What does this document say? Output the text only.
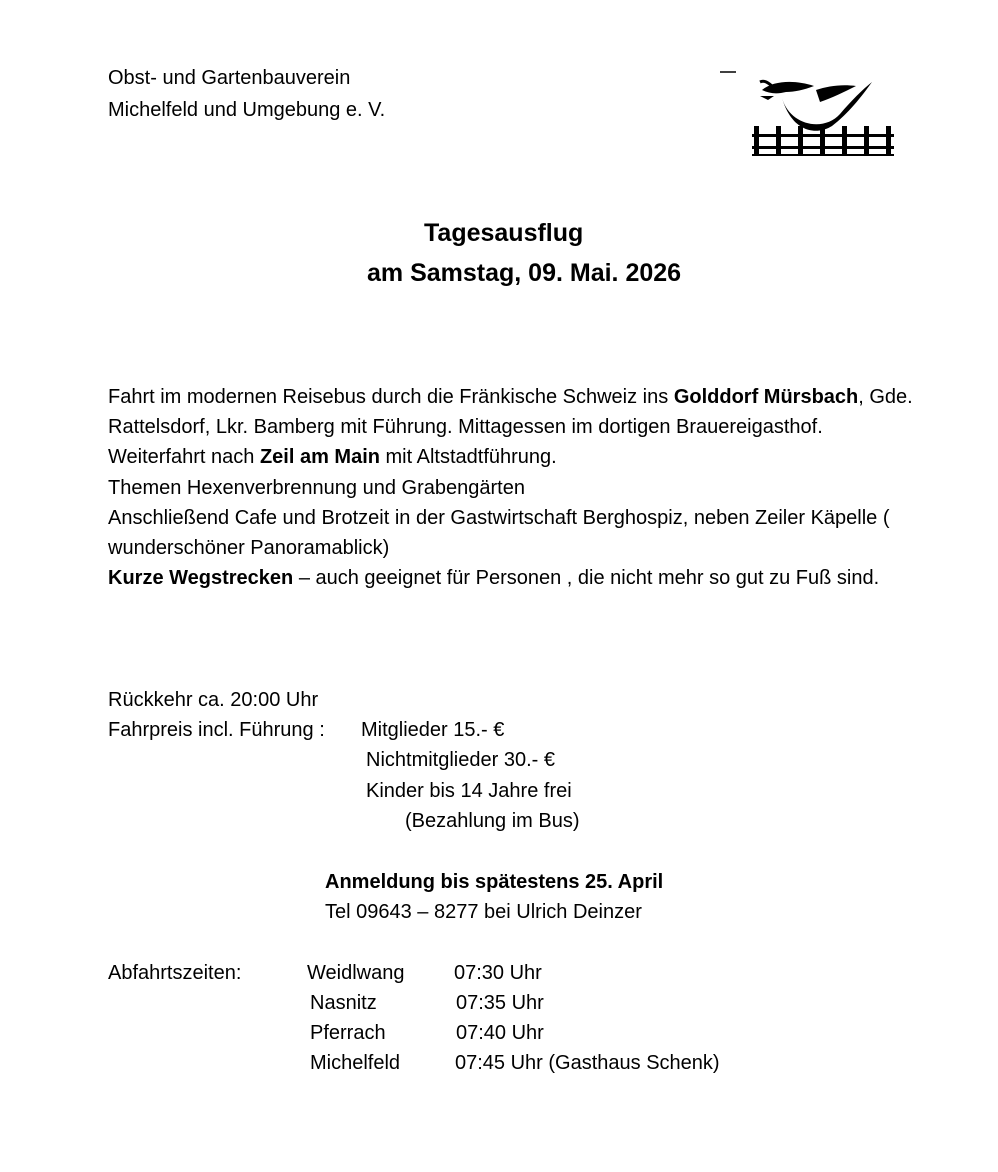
Obst- und Gartenbauverein
Michelfeld und Umgebung e. V.
Tagesausflug
am Samstag, 09. Mai. 2026

Fahrt im modernen Reisebus durch die Fränkische Schweiz ins Golddorf Mürsbach, Gde. Rattelsdorf, Lkr. Bamberg mit Führung. Mittagessen im dortigen Brauereigasthof.

Weiterfahrt nach Zeil am Main mit Altstadtführung.

Themen Hexenverbrennung und Grabengärten

Anschließend Cafe und Brotzeit in der Gastwirtschaft Berghospiz, neben Zeiler Käpelle ( wunderschöner Panoramablick)

Kurze Wegstrecken – auch geeignet für Personen , die nicht mehr so gut zu Fuß sind.

Rückkehr ca. 20:00 Uhr
Fahrpreis incl. Führung : Mitglieder 15.- €
Nichtmitglieder 30.- €
Kinder bis 14 Jahre frei
(Bezahlung im Bus)
Anmeldung bis spätestens 25. April
Tel 09643 – 8277 bei Ulrich Deinzer
Abfahrtszeiten:	Weidlwang 07:30 Uhr
Nasnitz	07:35 Uhr
Pferrach	07:40 Uhr
Michelfeld	07:45 Uhr (Gasthaus Schenk)
